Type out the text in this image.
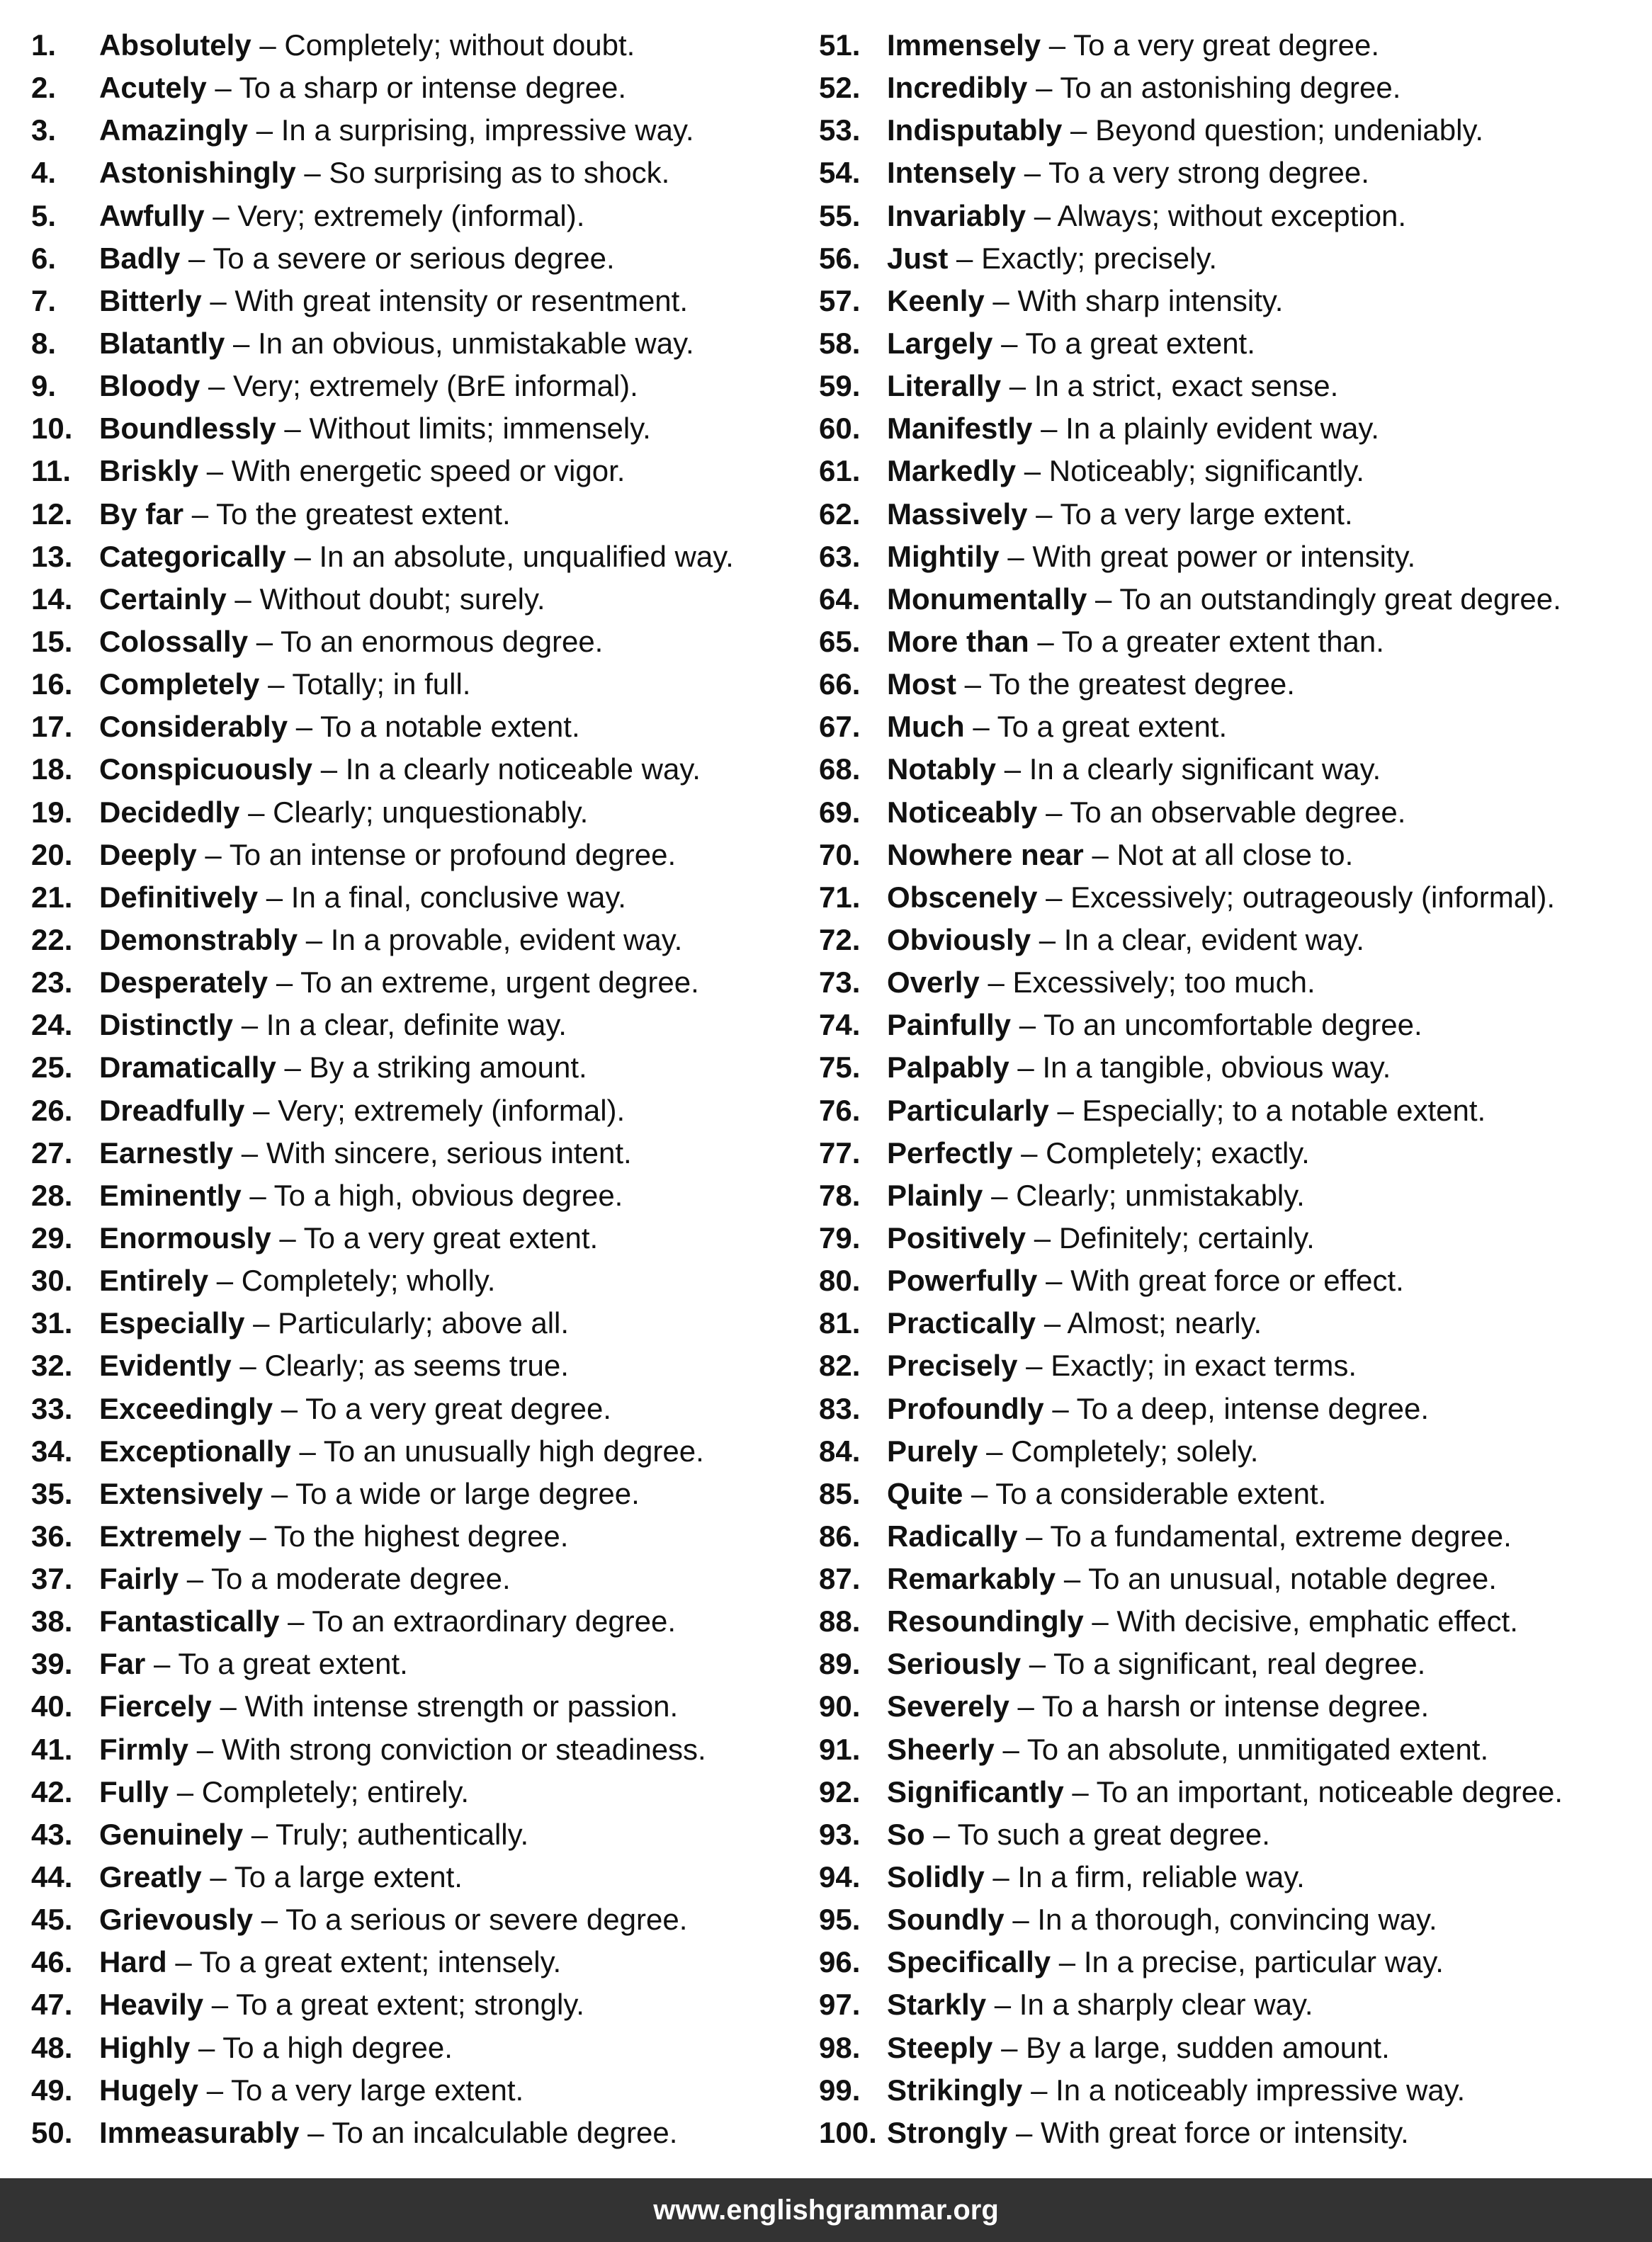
1.	Absolutely – Completely; without doubt.
2.	Acutely – To a sharp or intense degree.
3.	Amazingly – In a surprising, impressive way.
4.	Astonishingly – So surprising as to shock.
5.	Awfully – Very; extremely (informal).
6.	Badly – To a severe or serious degree.
7.	Bitterly – With great intensity or resentment.
8.	Blatantly – In an obvious, unmistakable way.
9.	Bloody – Very; extremely (BrE informal).
10. Boundlessly – Without limits; immensely.
11. Briskly – With energetic speed or vigor.
12. By far – To the greatest extent.
13. Categorically – In an absolute, unqualified way.
14. Certainly – Without doubt; surely.
15. Colossally – To an enormous degree.
16. Completely – Totally; in full.
17. Considerably – To a notable extent.
18. Conspicuously – In a clearly noticeable way.
19. Decidedly – Clearly; unquestionably.
20. Deeply – To an intense or profound degree.
21. Definitively – In a final, conclusive way.
22. Demonstrably – In a provable, evident way.
23. Desperately – To an extreme, urgent degree.
24. Distinctly – In a clear, definite way.
25. Dramatically – By a striking amount.
26. Dreadfully – Very; extremely (informal).
27. Earnestly – With sincere, serious intent.
28. Eminently – To a high, obvious degree.
29. Enormously – To a very great extent.
30. Entirely – Completely; wholly.
31. Especially – Particularly; above all.
32. Evidently – Clearly; as seems true.
33. Exceedingly – To a very great degree.
34. Exceptionally – To an unusually high degree.
35. Extensively – To a wide or large degree.
36. Extremely – To the highest degree.
37. Fairly – To a moderate degree.
38. Fantastically – To an extraordinary degree.
39. Far – To a great extent.
40. Fiercely – With intense strength or passion.
41. Firmly – With strong conviction or steadiness.
42. Fully – Completely; entirely.
43. Genuinely – Truly; authentically.
44. Greatly – To a large extent.
45. Grievously – To a serious or severe degree.
46. Hard – To a great extent; intensely.
47. Heavily – To a great extent; strongly.
48. Highly – To a high degree.
49. Hugely – To a very large extent.
50. Immeasurably – To an incalculable degree.
51. Immensely – To a very great degree.
52. Incredibly – To an astonishing degree.
53. Indisputably – Beyond question; undeniably.
54. Intensely – To a very strong degree.
55. Invariably – Always; without exception.
56. Just – Exactly; precisely.
57. Keenly – With sharp intensity.
58. Largely – To a great extent.
59. Literally – In a strict, exact sense.
60. Manifestly – In a plainly evident way.
61. Markedly – Noticeably; significantly.
62. Massively – To a very large extent.
63. Mightily – With great power or intensity.
64. Monumentally – To an outstandingly great degree.
65. More than – To a greater extent than.
66. Most – To the greatest degree.
67. Much – To a great extent.
68. Notably – In a clearly significant way.
69. Noticeably – To an observable degree.
70. Nowhere near – Not at all close to.
71. Obscenely – Excessively; outrageously (informal).
72. Obviously – In a clear, evident way.
73. Overly – Excessively; too much.
74. Painfully – To an uncomfortable degree.
75. Palpably – In a tangible, obvious way.
76. Particularly – Especially; to a notable extent.
77. Perfectly – Completely; exactly.
78. Plainly – Clearly; unmistakably.
79. Positively – Definitely; certainly.
80. Powerfully – With great force or effect.
81. Practically – Almost; nearly.
82. Precisely – Exactly; in exact terms.
83. Profoundly – To a deep, intense degree.
84. Purely – Completely; solely.
85. Quite – To a considerable extent.
86. Radically – To a fundamental, extreme degree.
87. Remarkably – To an unusual, notable degree.
88. Resoundingly – With decisive, emphatic effect.
89. Seriously – To a significant, real degree.
90. Severely – To a harsh or intense degree.
91. Sheerly – To an absolute, unmitigated extent.
92. Significantly – To an important, noticeable degree.
93. So – To such a great degree.
94. Solidly – In a firm, reliable way.
95. Soundly – In a thorough, convincing way.
96. Specifically – In a precise, particular way.
97. Starkly – In a sharply clear way.
98. Steeply – By a large, sudden amount.
99. Strikingly – In a noticeably impressive way.
100. Strongly – With great force or intensity.
www.englishgrammar.org
